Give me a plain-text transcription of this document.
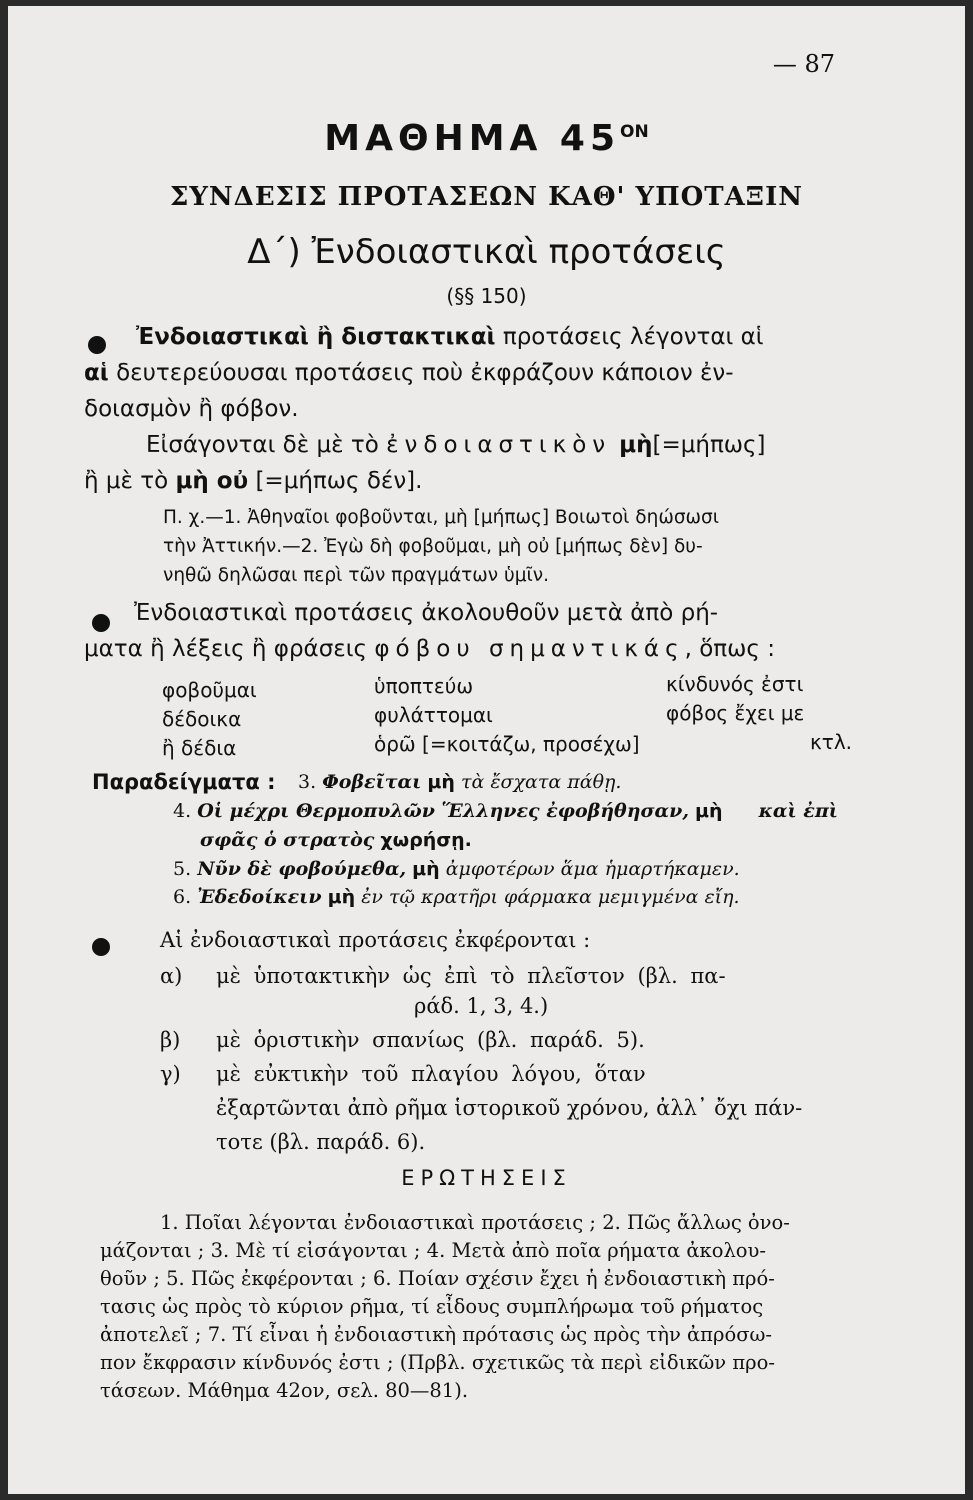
— 87
ΜΑΘΗΜΑ $45^{ON}$
ΣΥΝΔΕΣΙΣ ΠΡΟΤΑΣΕΩΝ ΚΑΘ' ΥΠΟΤΑΞΙΝ
Δ΄) Ἐνδοιαστικαὶ προτάσεις
(§§ 150)
Ἐνδοιαστικαὶ ἢ διστακτικαὶ προτάσεις λέγονται αἱ
αἱ δευτερεύουσαι προτάσεις ποὺ ἐκφράζουν κάποιον ἐν-
δοιασμὸν ἢ φόβον.
Εἰσάγονται δὲ μὲ τὸ ἐνδοιαστικὸν μὴ[=μήπως]
ἢ μὲ τὸ μὴ οὐ [=μήπως δέν].
Π. χ.—1. Ἀθηναῖοι φοβοῦνται, μὴ [μήπως] Βοιωτοὶ δηώσωσι
τὴν Ἀττικήν.—2. Ἐγὼ δὴ φοβοῦμαι, μὴ οὐ [μήπως δὲν] δυ-
νηθῶ δηλῶσαι περὶ τῶν πραγμάτων ὑμῖν.
Ἐνδοιαστικαὶ προτάσεις ἀκολουθοῦν μετὰ ἀπὸ ρή-
ματα ἢ λέξεις ἢ φράσεις φόβου σημαντικάς, ὅπως :
φοβοῦμαι
δέδοικα
ἢ δέδια
ὑποπτεύω
φυλάττομαι
ὁρῶ [=κοιτάζω, προσέχω]
κίνδυνός ἐστι
φόβος ἔχει με
κτλ.
Παραδείγματα : 3. Φοβεῖται μὴ τὰ ἔσχατα πάθῃ.
4. Οἱ μέχρι Θερμοπυλῶν Ἕλληνες ἐφοβήθησαν, μὴ καὶ ἐπὶ
σφᾶς ὁ στρατὸς χωρήσῃ.
5. Νῦν δὲ φοβούμεθα, μὴ ἀμφοτέρων ἅμα ἡμαρτήκαμεν.
6. Ἐδεδοίκειν μὴ ἐν τῷ κρατῆρι φάρμακα μεμιγμένα εἴη.
Αἱ ἐνδοιαστικαὶ προτάσεις ἐκφέρονται :
α) μὲ ὑποτακτικὴν ὡς ἐπὶ τὸ πλεῖστον (βλ. πα-
ράδ. 1, 3, 4.)
β) μὲ ὁριστικὴν σπανίως (βλ. παράδ. 5).
γ) μὲ εὐκτικὴν τοῦ πλαγίου λόγου, ὅταν
ἐξαρτῶνται ἀπὸ ρῆμα ἱστορικοῦ χρόνου, ἀλλ᾽ ὄχι πάν-
τοτε (βλ. παράδ. 6).
ΕΡΩΤΗΣΕΙΣ
1. Ποῖαι λέγονται ἐνδοιαστικαὶ προτάσεις ; 2. Πῶς ἄλλως ὀνο-
μάζονται ; 3. Μὲ τί εἰσάγονται ; 4. Μετὰ ἀπὸ ποῖα ρήματα ἀκολου-
θοῦν ; 5. Πῶς ἐκφέρονται ; 6. Ποίαν σχέσιν ἔχει ἡ ἐνδοιαστικὴ πρό-
τασις ὡς πρὸς τὸ κύριον ρῆμα, τί εἶδους συμπλήρωμα τοῦ ρήματος
ἀποτελεῖ ; 7. Τί εἶναι ἡ ἐνδοιαστικὴ πρότασις ὡς πρὸς τὴν ἀπρόσω-
πον ἔκφρασιν κίνδυνός ἐστι ; (Πρβλ. σχετικῶς τὰ περὶ εἰδικῶν προ-
τάσεων. Μάθημα 42ον, σελ. 80—81).
